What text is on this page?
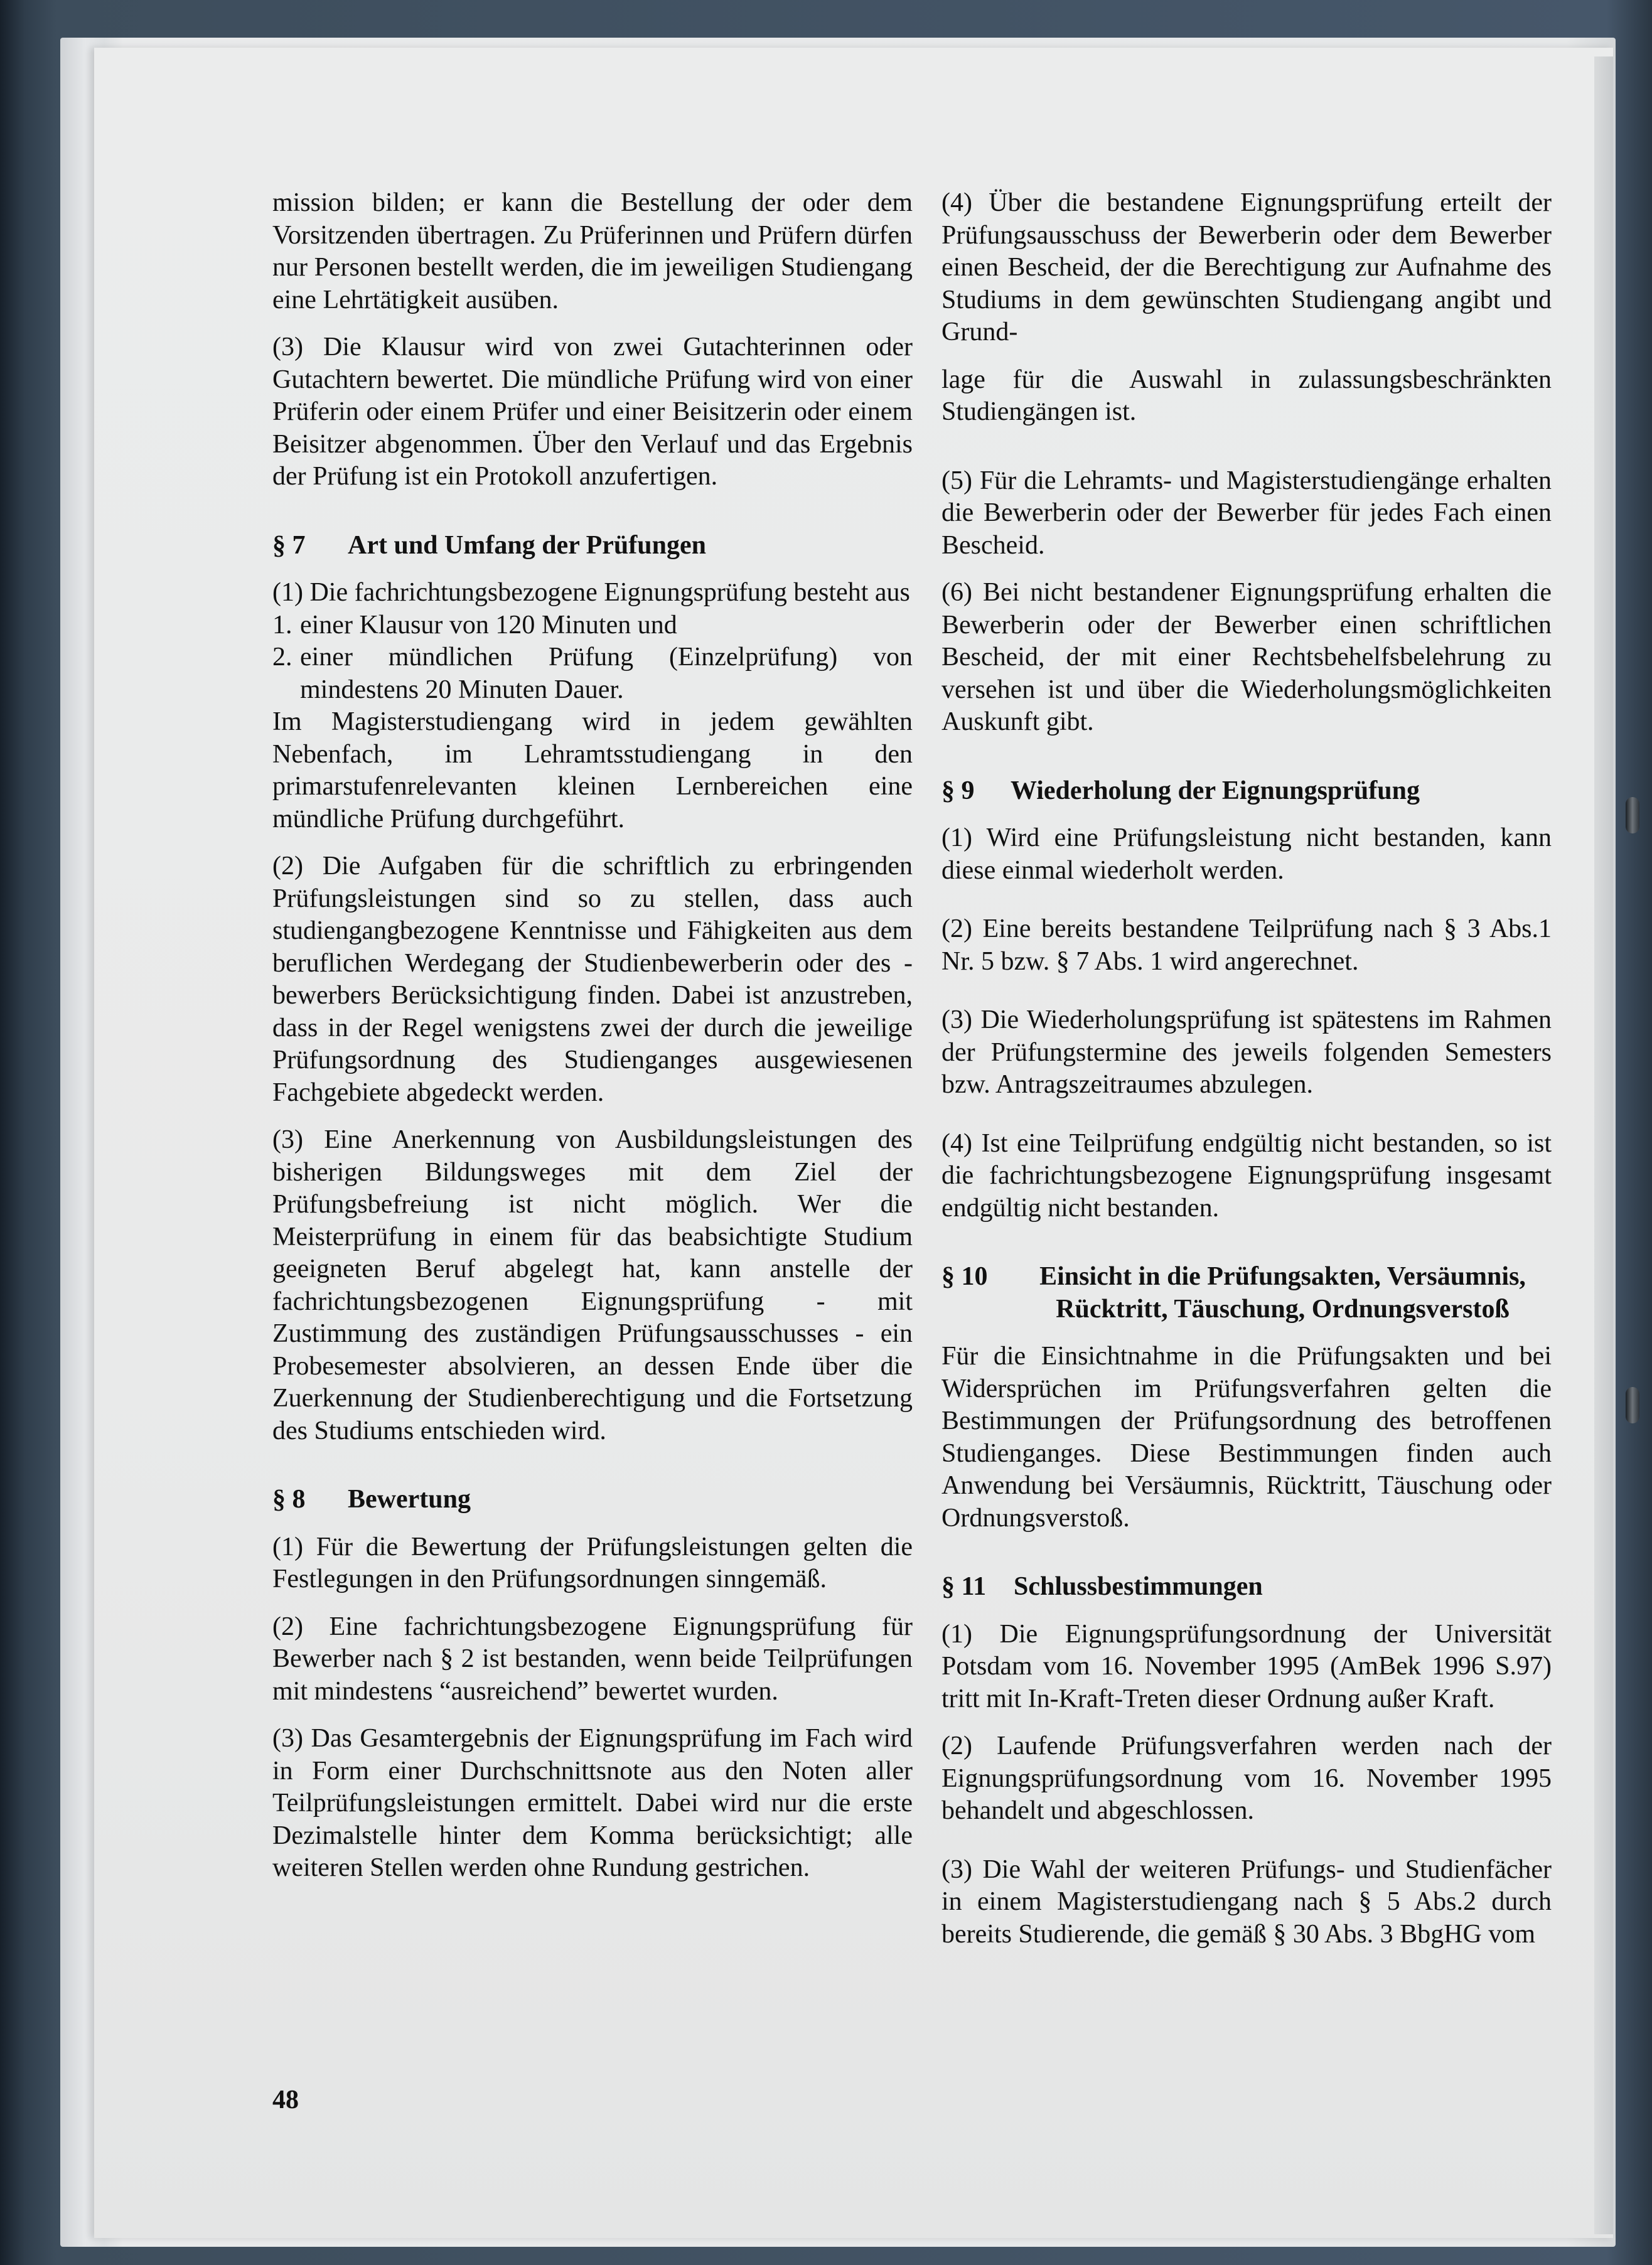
mission bilden; er kann die Bestellung der oder dem Vorsitzenden übertragen. Zu Prüferinnen und Prüfern dürfen nur Personen bestellt werden, die im jeweiligen Studiengang eine Lehrtätigkeit ausüben.

(3) Die Klausur wird von zwei Gutachterinnen oder Gutachtern bewertet. Die mündliche Prüfung wird von einer Prüferin oder einem Prüfer und einer Beisitzerin oder einem Beisitzer abgenommen. Über den Verlauf und das Ergebnis der Prüfung ist ein Protokoll anzufertigen.

§ 7	Art und Umfang der Prüfungen

(1) Die fachrichtungsbezogene Eignungsprüfung besteht aus

1. einer Klausur von 120 Minuten und
2. einer mündlichen Prüfung (Einzelprüfung) von mindestens 20 Minuten Dauer.

Im Magisterstudiengang wird in jedem gewählten Nebenfach, im Lehramtsstudiengang in den primarstufenrelevanten kleinen Lernbereichen eine mündliche Prüfung durchgeführt.

(2) Die Aufgaben für die schriftlich zu erbringenden Prüfungsleistungen sind so zu stellen, dass auch studiengangbezogene Kenntnisse und Fähigkeiten aus dem beruflichen Werdegang der Studienbewerberin oder des -bewerbers Berücksichtigung finden. Dabei ist anzustreben, dass in der Regel wenigstens zwei der durch die jeweilige Prüfungsordnung des Studienganges ausgewiesenen Fachgebiete abgedeckt werden.

(3) Eine Anerkennung von Ausbildungsleistungen des bisherigen Bildungsweges mit dem Ziel der Prüfungsbefreiung ist nicht möglich. Wer die Meisterprüfung in einem für das beabsichtigte Studium geeigneten Beruf abgelegt hat, kann anstelle der fachrichtungsbezogenen Eignungsprüfung - mit Zustimmung des zuständigen Prüfungsausschusses - ein Probesemester absolvieren, an dessen Ende über die Zuerkennung der Studienberechtigung und die Fortsetzung des Studiums entschieden wird.

§ 8	Bewertung

(1) Für die Bewertung der Prüfungsleistungen gelten die Festlegungen in den Prüfungsordnungen sinngemäß.

(2) Eine fachrichtungsbezogene Eignungsprüfung für Bewerber nach § 2 ist bestanden, wenn beide Teilprüfungen mit mindestens “ausreichend” bewertet wurden.

(3) Das Gesamtergebnis der Eignungsprüfung im Fach wird in Form einer Durchschnittsnote aus den Noten aller Teilprüfungsleistungen ermittelt. Dabei wird nur die erste Dezimalstelle hinter dem Komma berücksichtigt; alle weiteren Stellen werden ohne Rundung gestrichen.

(4) Über die bestandene Eignungsprüfung erteilt der Prüfungsausschuss der Bewerberin oder dem Bewerber einen Bescheid, der die Berechtigung zur Aufnahme des Studiums in dem gewünschten Studiengang angibt und Grund-

lage für die Auswahl in zulassungsbeschränkten Studiengängen ist.

(5) Für die Lehramts- und Magisterstudiengänge erhalten die Bewerberin oder der Bewerber für jedes Fach einen Bescheid.

(6) Bei nicht bestandener Eignungsprüfung erhalten die Bewerberin oder der Bewerber einen schriftlichen Bescheid, der mit einer Rechtsbehelfsbelehrung zu versehen ist und über die Wiederholungsmöglichkeiten Auskunft gibt.

§ 9	Wiederholung der Eignungsprüfung

(1) Wird eine Prüfungsleistung nicht bestanden, kann diese einmal wiederholt werden.

(2) Eine bereits bestandene Teilprüfung nach § 3 Abs.1 Nr. 5 bzw. § 7 Abs. 1 wird angerechnet.

(3) Die Wiederholungsprüfung ist spätestens im Rahmen der Prüfungstermine des jeweils folgenden Semesters bzw. Antragszeitraumes abzulegen.

(4) Ist eine Teilprüfung endgültig nicht bestanden, so ist die fachrichtungsbezogene Eignungsprüfung insgesamt endgültig nicht bestanden.

§ 10	Einsicht in die Prüfungsakten, Versäumnis,
Rücktritt, Täuschung, Ordnungsverstoß

Für die Einsichtnahme in die Prüfungsakten und bei Widersprüchen im Prüfungsverfahren gelten die Bestimmungen der Prüfungsordnung des betroffenen Studienganges. Diese Bestimmungen finden auch Anwendung bei Versäumnis, Rücktritt, Täuschung oder Ordnungsverstoß.

§ 11	Schlussbestimmungen

(1) Die Eignungsprüfungsordnung der Universität Potsdam vom 16. November 1995 (AmBek 1996 S.97) tritt mit In-Kraft-Treten dieser Ordnung außer Kraft.

(2) Laufende Prüfungsverfahren werden nach der Eignungsprüfungsordnung vom 16. November 1995 behandelt und abgeschlossen.

(3) Die Wahl der weiteren Prüfungs- und Studienfächer in einem Magisterstudiengang nach § 5 Abs.2 durch bereits Studierende, die gemäß § 30 Abs. 3 BbgHG vom

48
